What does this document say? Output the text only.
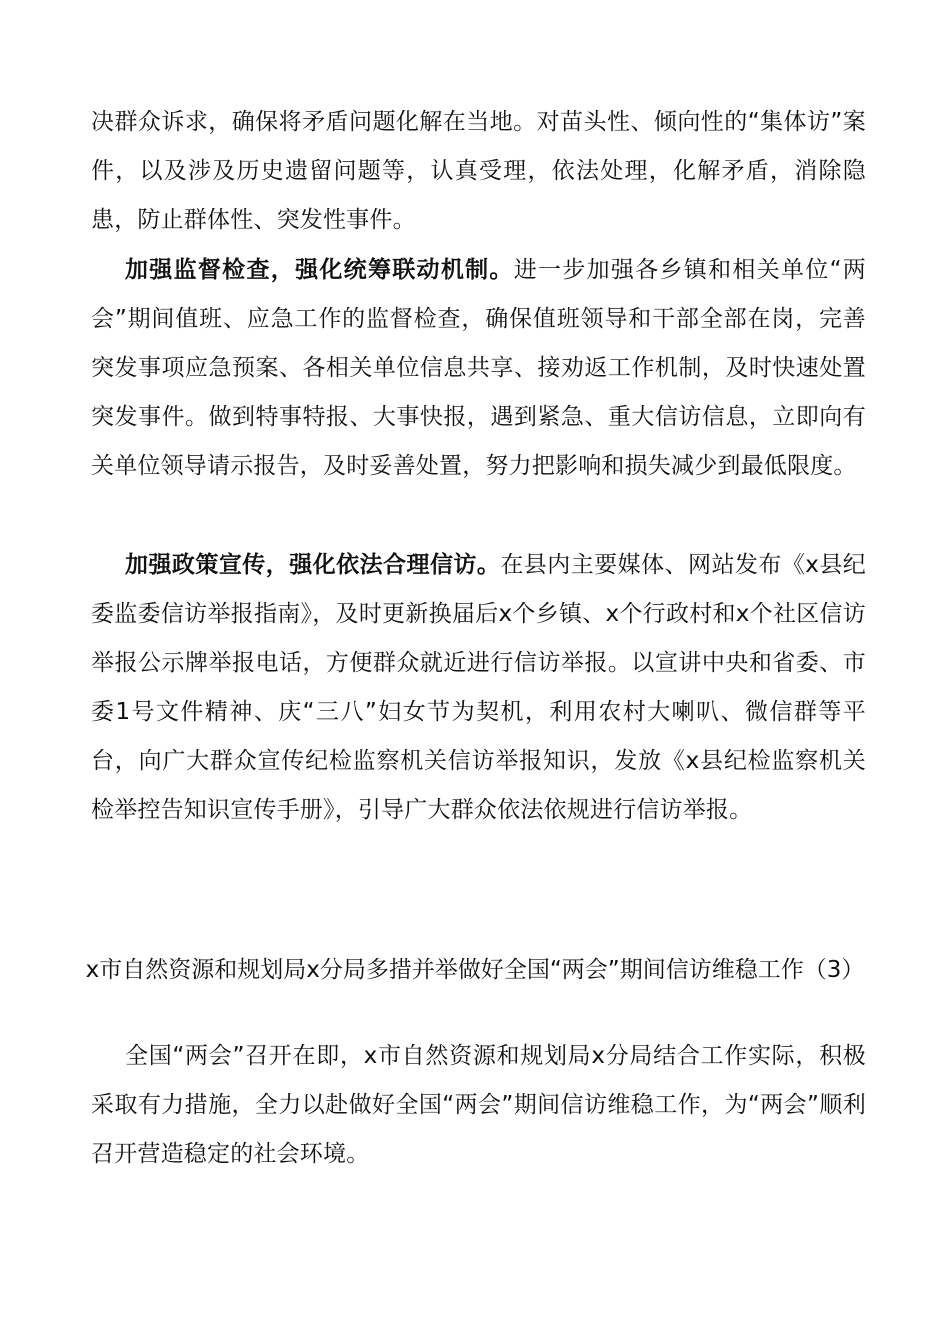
决群众诉求，确保将矛盾问题化解在当地。对苗头性、倾向性的“集体访”案件，以及涉及历史遗留问题等，认真受理，依法处理，化解矛盾，消除隐患，防止群体性、突发性事件。

加强监督检查，强化统筹联动机制。进一步加强各乡镇和相关单位“两会”期间值班、应急工作的监督检查，确保值班领导和干部全部在岗，完善突发事项应急预案、各相关单位信息共享、接劝返工作机制，及时快速处置突发事件。做到特事特报、大事快报，遇到紧急、重大信访信息，立即向有关单位领导请示报告，及时妥善处置，努力把影响和损失减少到最低限度。

加强政策宣传，强化依法合理信访。在县内主要媒体、网站发布《x县纪委监委信访举报指南》，及时更新换届后x个乡镇、x个行政村和x个社区信访举报公示牌举报电话，方便群众就近进行信访举报。以宣讲中央和省委、市委1号文件精神、庆“三八”妇女节为契机，利用农村大喇叭、微信群等平台，向广大群众宣传纪检监察机关信访举报知识，发放《x县纪检监察机关检举控告知识宣传手册》，引导广大群众依法依规进行信访举报。

x市自然资源和规划局x分局多措并举做好全国“两会”期间信访维稳工作（3）

全国“两会”召开在即，x市自然资源和规划局x分局结合工作实际，积极采取有力措施，全力以赴做好全国“两会”期间信访维稳工作，为“两会”顺利召开营造稳定的社会环境。
